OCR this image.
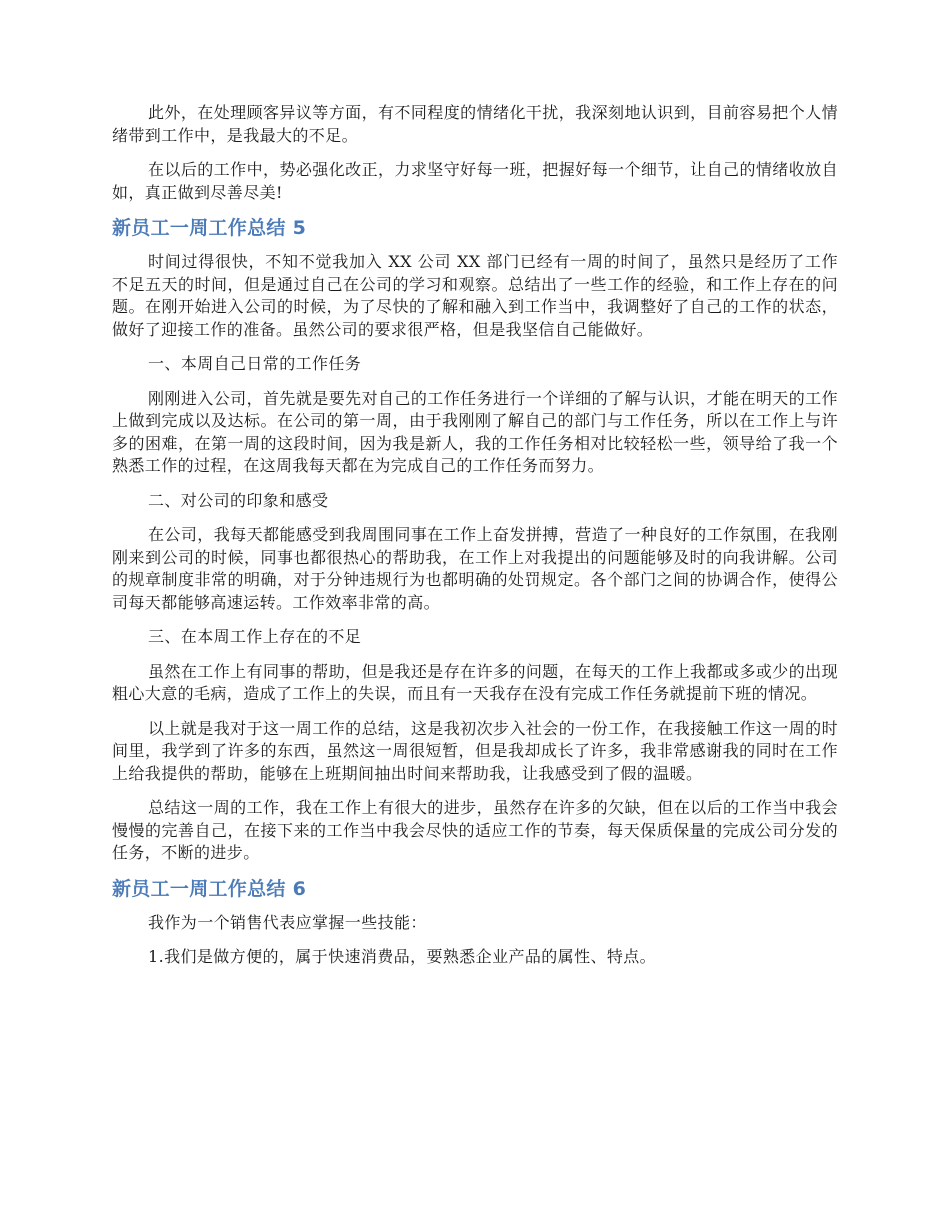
此外，在处理顾客异议等方面，有不同程度的情绪化干扰，我深刻地认识到，目前容易把个人情绪带到工作中，是我最大的不足。

在以后的工作中，势必强化改正，力求坚守好每一班，把握好每一个细节，让自己的情绪收放自如，真正做到尽善尽美!

新员工一周工作总结 5

时间过得很快，不知不觉我加入 XX 公司 XX 部门已经有一周的时间了，虽然只是经历了工作不足五天的时间，但是通过自己在公司的学习和观察。总结出了一些工作的经验，和工作上存在的问题。在刚开始进入公司的时候，为了尽快的了解和融入到工作当中，我调整好了自己的工作的状态，做好了迎接工作的准备。虽然公司的要求很严格，但是我坚信自己能做好。

一、本周自己日常的工作任务

刚刚进入公司，首先就是要先对自己的工作任务进行一个详细的了解与认识，才能在明天的工作上做到完成以及达标。在公司的第一周，由于我刚刚了解自己的部门与工作任务，所以在工作上与许多的困难，在第一周的这段时间，因为我是新人，我的工作任务相对比较轻松一些，领导给了我一个熟悉工作的过程，在这周我每天都在为完成自己的工作任务而努力。

二、对公司的印象和感受

在公司，我每天都能感受到我周围同事在工作上奋发拼搏，营造了一种良好的工作氛围，在我刚刚来到公司的时候，同事也都很热心的帮助我，在工作上对我提出的问题能够及时的向我讲解。公司的规章制度非常的明确，对于分钟违规行为也都明确的处罚规定。各个部门之间的协调合作，使得公司每天都能够高速运转。工作效率非常的高。

三、在本周工作上存在的不足

虽然在工作上有同事的帮助，但是我还是存在许多的问题，在每天的工作上我都或多或少的出现粗心大意的毛病，造成了工作上的失误，而且有一天我存在没有完成工作任务就提前下班的情况。

以上就是我对于这一周工作的总结，这是我初次步入社会的一份工作，在我接触工作这一周的时间里，我学到了许多的东西，虽然这一周很短暂，但是我却成长了许多，我非常感谢我的同时在工作上给我提供的帮助，能够在上班期间抽出时间来帮助我，让我感受到了假的温暖。

总结这一周的工作，我在工作上有很大的进步，虽然存在许多的欠缺，但在以后的工作当中我会慢慢的完善自己，在接下来的工作当中我会尽快的适应工作的节奏，每天保质保量的完成公司分发的任务，不断的进步。

新员工一周工作总结 6

我作为一个销售代表应掌握一些技能：

1.我们是做方便的，属于快速消费品，要熟悉企业产品的属性、特点。
